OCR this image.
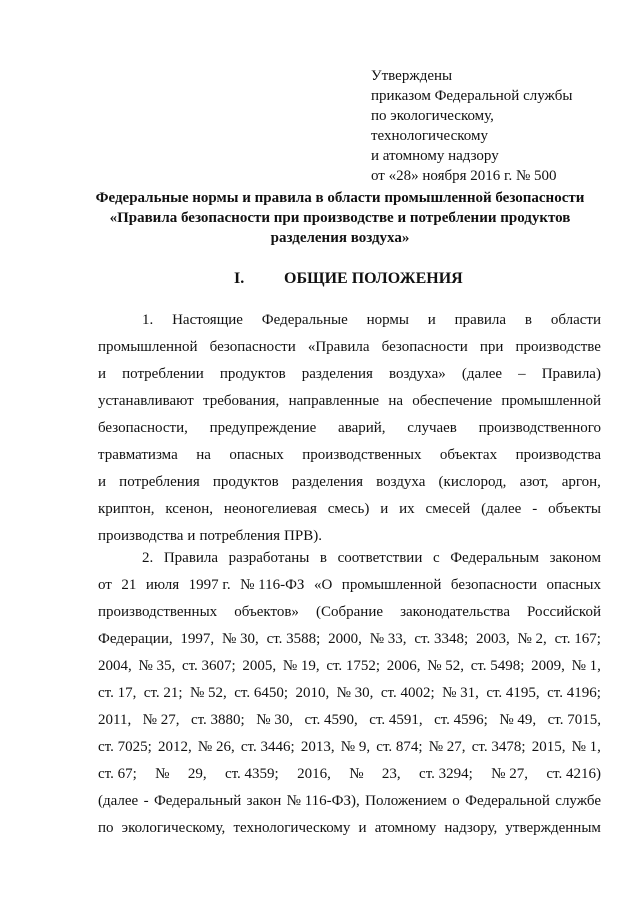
Утверждены
приказом Федеральной службы
по экологическому,
технологическому
и атомному надзору
от «28» ноября 2016 г. № 500
Федеральные нормы и правила в области промышленной безопасности
«Правила безопасности при производстве и потреблении продуктов
разделения воздуха»
I. ОБЩИЕ ПОЛОЖЕНИЯ
1. Настоящие Федеральные нормы и правила в области
промышленной безопасности «Правила безопасности при производстве
и потреблении продуктов разделения воздуха» (далее – Правила)
устанавливают требования, направленные на обеспечение промышленной
безопасности, предупреждение аварий, случаев производственного
травматизма на опасных производственных объектах производства
и потребления продуктов разделения воздуха (кислород, азот, аргон,
криптон, ксенон, неоногелиевая смесь) и их смесей (далее - объекты
производства и потребления ПРВ).
2. Правила разработаны в соответствии с Федеральным законом
от 21 июля 1997 г. № 116-ФЗ «О промышленной безопасности опасных
производственных объектов» (Собрание законодательства Российской
Федерации, 1997, № 30, ст. 3588; 2000, № 33, ст. 3348; 2003, № 2, ст. 167;
2004, № 35, ст. 3607; 2005, № 19, ст. 1752; 2006, № 52, ст. 5498; 2009, № 1,
ст. 17, ст. 21; № 52, ст. 6450; 2010, № 30, ст. 4002; № 31, ст. 4195, ст. 4196;
2011, № 27, ст. 3880; № 30, ст. 4590, ст. 4591, ст. 4596; № 49, ст. 7015,
ст. 7025; 2012, № 26, ст. 3446; 2013, № 9, ст. 874; № 27, ст. 3478; 2015, № 1,
ст. 67; № 29, ст. 4359; 2016, № 23, ст. 3294; № 27, ст. 4216)
(далее - Федеральный закон № 116-ФЗ), Положением о Федеральной службе
по экологическому, технологическому и атомному надзору, утвержденным
